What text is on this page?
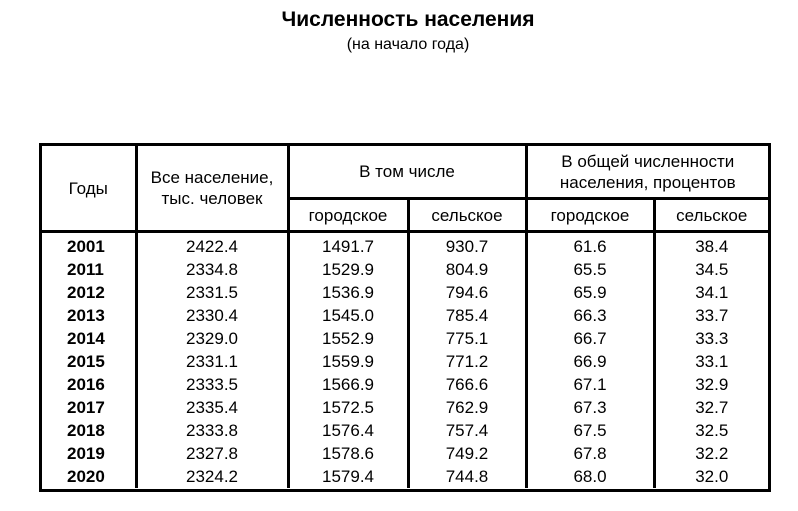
Численность населения
(на начало года)
Годы	Все население, тыс. человек	В том числе		В общей численности населения, процентов	
		городское	сельское	городское	сельское
2001	2422.4	1491.7	930.7	61.6	38.4
2011	2334.8	1529.9	804.9	65.5	34.5
2012	2331.5	1536.9	794.6	65.9	34.1
2013	2330.4	1545.0	785.4	66.3	33.7
2014	2329.0	1552.9	775.1	66.7	33.3
2015	2331.1	1559.9	771.2	66.9	33.1
2016	2333.5	1566.9	766.6	67.1	32.9
2017	2335.4	1572.5	762.9	67.3	32.7
2018	2333.8	1576.4	757.4	67.5	32.5
2019	2327.8	1578.6	749.2	67.8	32.2
2020	2324.2	1579.4	744.8	68.0	32.0
